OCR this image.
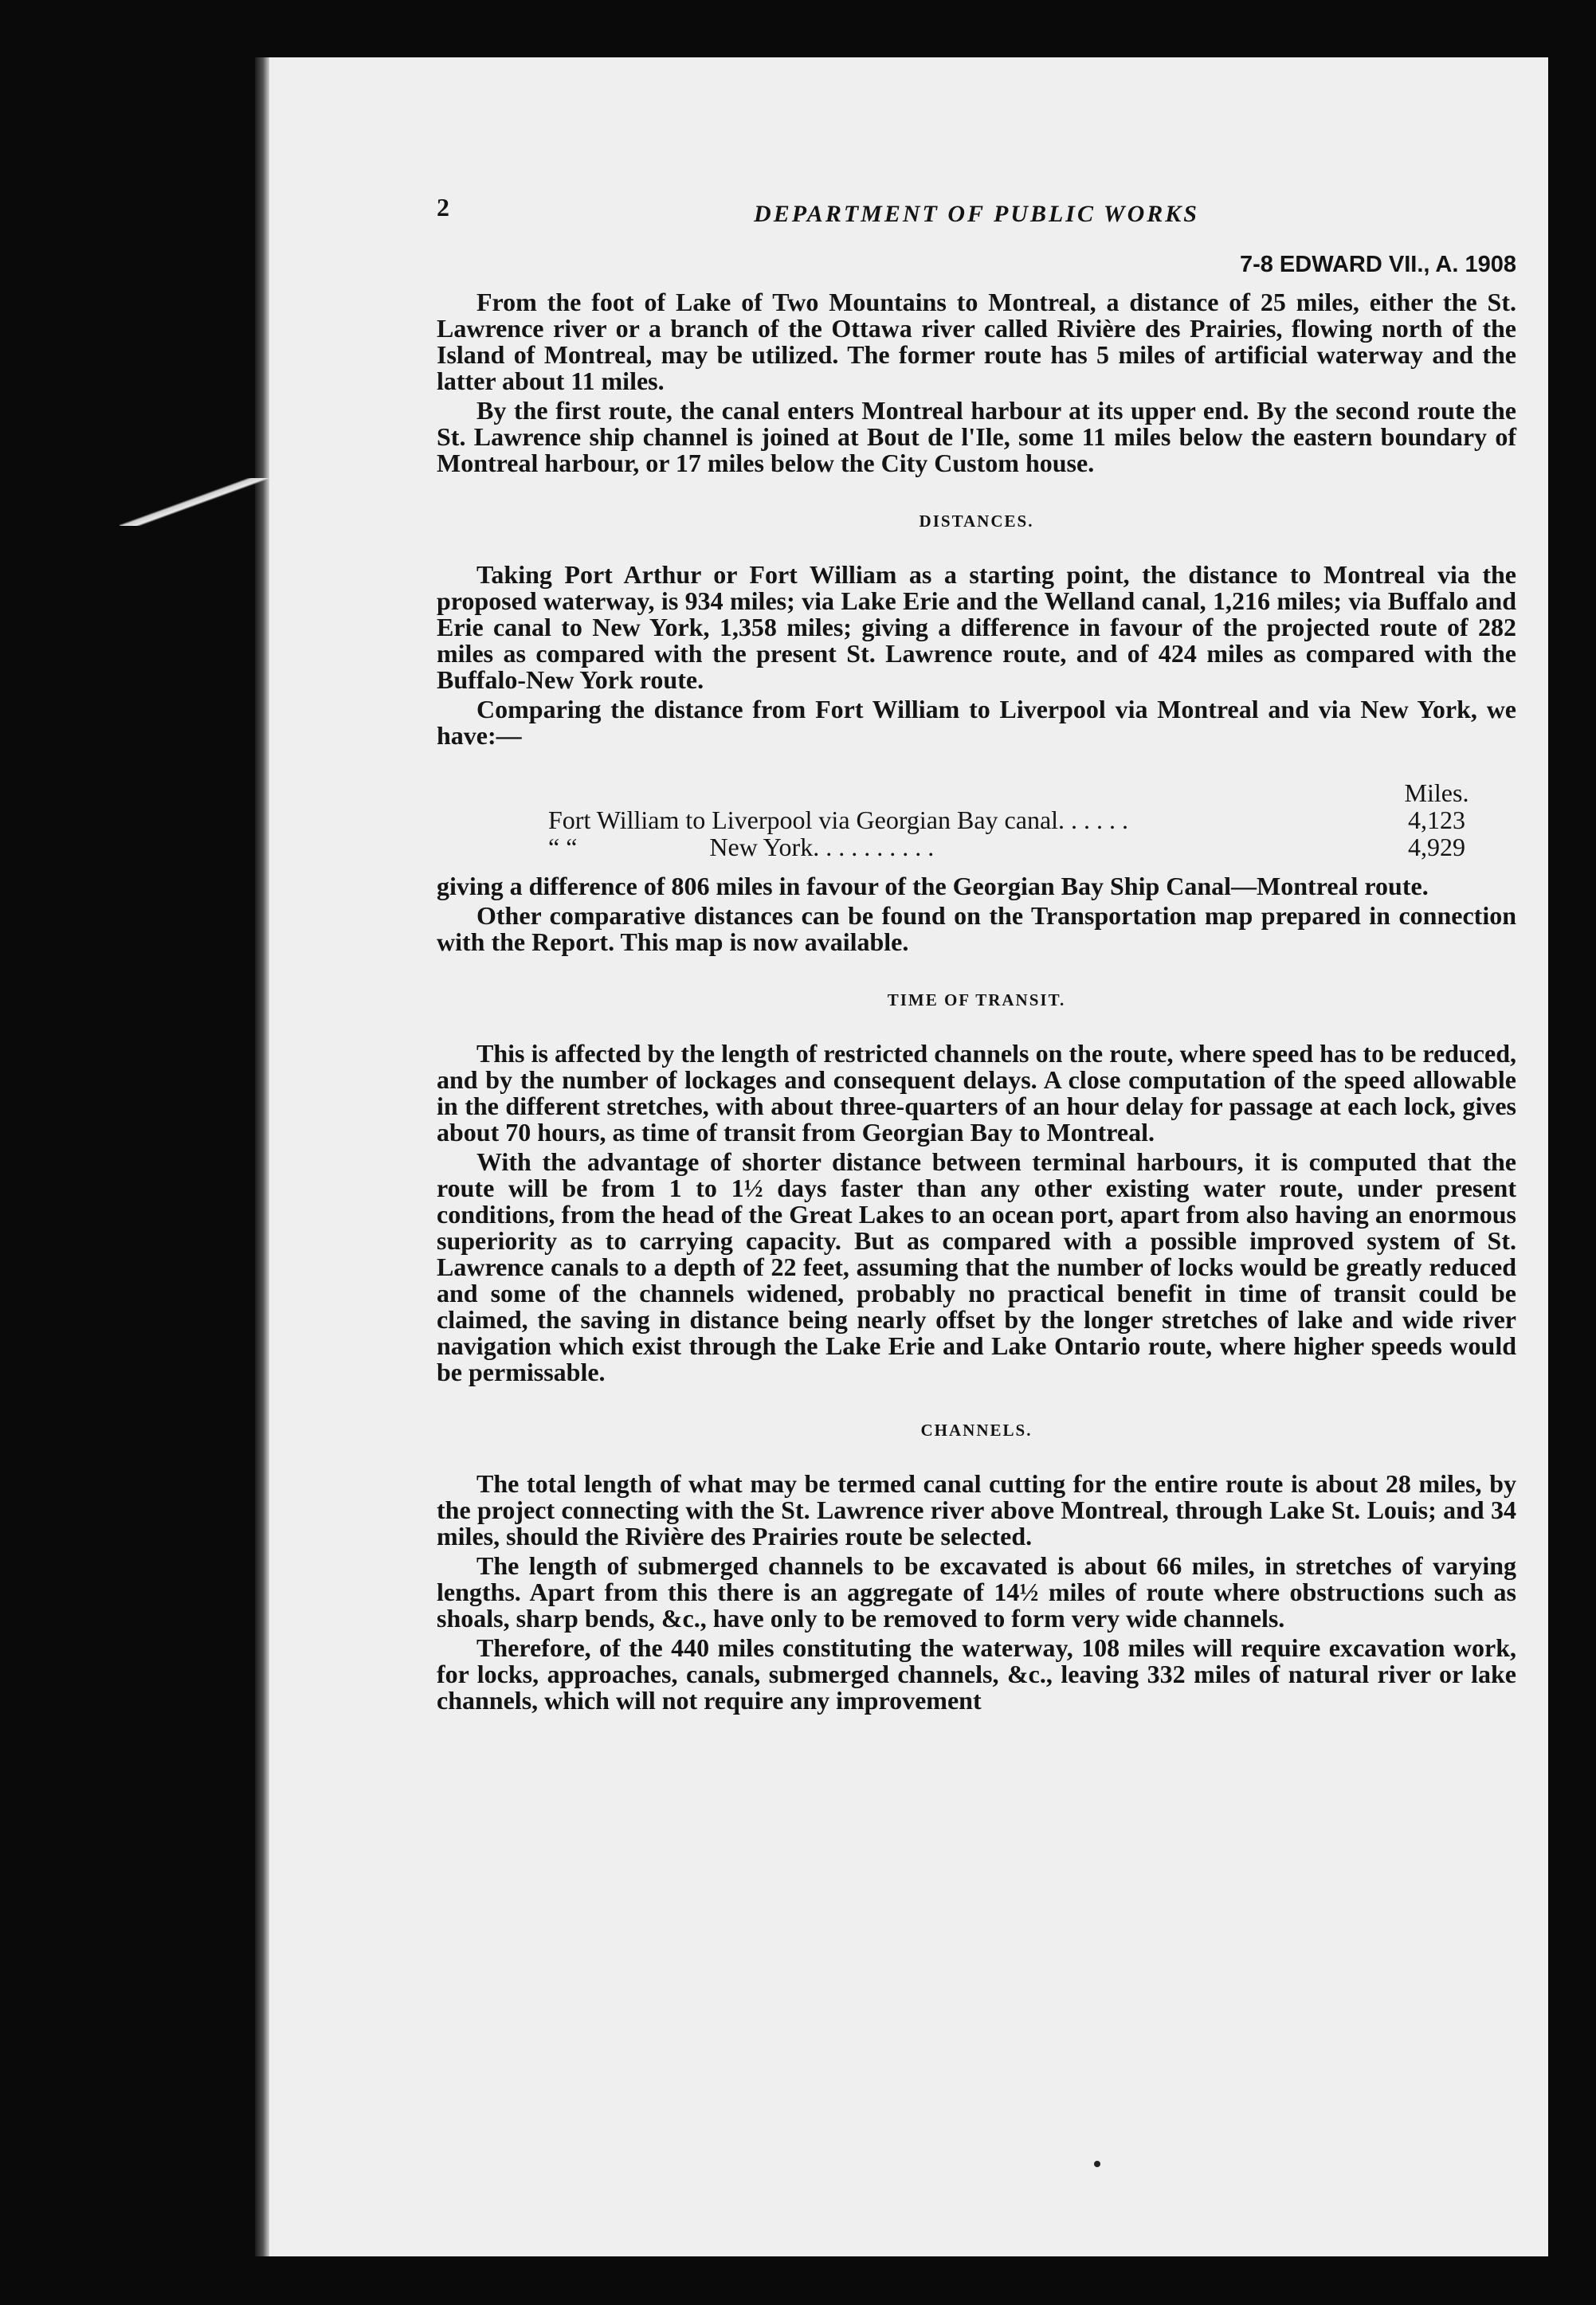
2	DEPARTMENT OF PUBLIC WORKS
7-8 EDWARD VII., A. 1908

From the foot of Lake of Two Mountains to Montreal, a distance of 25 miles, either the St. Lawrence river or a branch of the Ottawa river called Rivière des Prairies, flowing north of the Island of Montreal, may be utilized. The former route has 5 miles of artificial waterway and the latter about 11 miles.

By the first route, the canal enters Montreal harbour at its upper end. By the second route the St. Lawrence ship channel is joined at Bout de l'Ile, some 11 miles below the eastern boundary of Montreal harbour, or 17 miles below the City Custom house.

DISTANCES.

Taking Port Arthur or Fort William as a starting point, the distance to Montreal via the proposed waterway, is 934 miles; via Lake Erie and the Welland canal, 1,216 miles; via Buffalo and Erie canal to New York, 1,358 miles; giving a difference in favour of the projected route of 282 miles as compared with the present St. Lawrence route, and of 424 miles as compared with the Buffalo-New York route.

Comparing the distance from Fort William to Liverpool via Montreal and via New York, we have:—

	Miles.
Fort William to Liverpool via Georgian Bay canal. . . . . .	4,123
“ “ New York. . . . . . . . . .	4,929

giving a difference of 806 miles in favour of the Georgian Bay Ship Canal—Montreal route.

Other comparative distances can be found on the Transportation map prepared in connection with the Report. This map is now available.

TIME OF TRANSIT.

This is affected by the length of restricted channels on the route, where speed has to be reduced, and by the number of lockages and consequent delays. A close computation of the speed allowable in the different stretches, with about three-quarters of an hour delay for passage at each lock, gives about 70 hours, as time of transit from Georgian Bay to Montreal.

With the advantage of shorter distance between terminal harbours, it is computed that the route will be from 1 to 1½ days faster than any other existing water route, under present conditions, from the head of the Great Lakes to an ocean port, apart from also having an enormous superiority as to carrying capacity. But as compared with a possible improved system of St. Lawrence canals to a depth of 22 feet, assuming that the number of locks would be greatly reduced and some of the channels widened, probably no practical benefit in time of transit could be claimed, the saving in distance being nearly offset by the longer stretches of lake and wide river navigation which exist through the Lake Erie and Lake Ontario route, where higher speeds would be permissable.

CHANNELS.

The total length of what may be termed canal cutting for the entire route is about 28 miles, by the project connecting with the St. Lawrence river above Montreal, through Lake St. Louis; and 34 miles, should the Rivière des Prairies route be selected.

The length of submerged channels to be excavated is about 66 miles, in stretches of varying lengths. Apart from this there is an aggregate of 14½ miles of route where obstructions such as shoals, sharp bends, &c., have only to be removed to form very wide channels.

Therefore, of the 440 miles constituting the waterway, 108 miles will require excavation work, for locks, approaches, canals, submerged channels, &c., leaving 332 miles of natural river or lake channels, which will not require any improvement
